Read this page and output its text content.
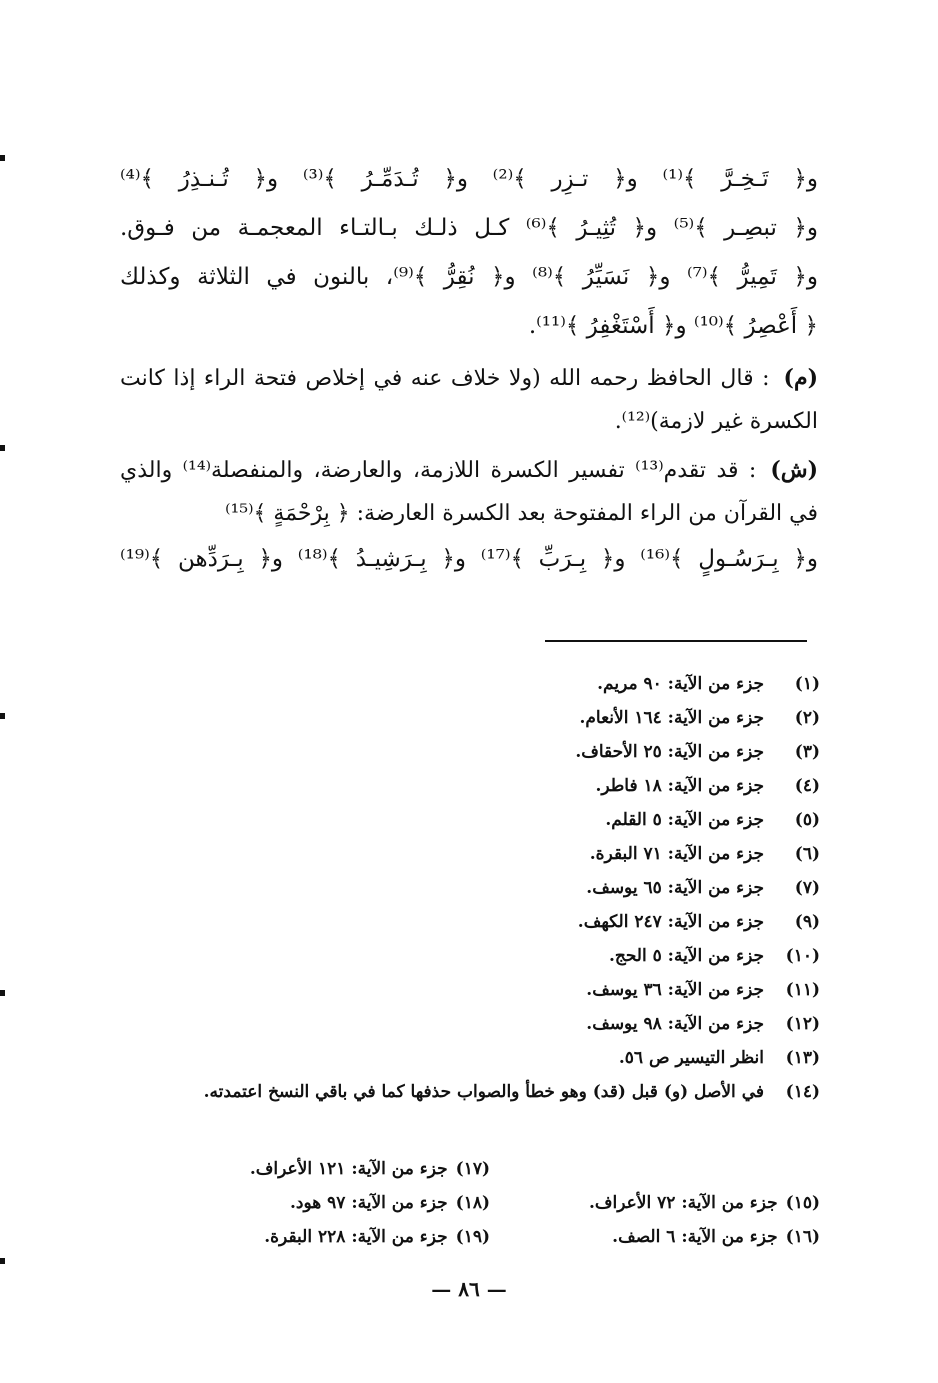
و﴿ تَـخِـرَّ ﴾⁽¹⁾ و﴿ تـزِر ﴾⁽²⁾ و﴿ تُـدَمِّـرُ ﴾⁽³⁾ و﴿ تُـنـذِرُ ﴾⁽⁴⁾
و﴿ تبصِـر ﴾⁽⁵⁾ و﴿ تُثِيـرُ ﴾⁽⁶⁾ كـل ذلـك بـالتـاء المعجمـة من فـوق.
و﴿ تَمِيرُّ ﴾⁽⁷⁾ و﴿ نَسَيِّرُ ﴾⁽⁸⁾ و﴿ نُقِرُّ ﴾⁽⁹⁾، بالنون في الثلاثة وكذلك
﴿ أَعْصِرُ ﴾⁽¹⁰⁾ و﴿ أَسْتَغْفِرُ ﴾⁽¹¹⁾.
(م): قال الحافظ رحمه الله (ولا خلاف عنه في إخلاص فتحة الراء إذا كانت الكسرة غير لازمة)⁽¹²⁾.
(ش): قد تقدم⁽¹³⁾ تفسير الكسرة اللازمة، والعارضة، والمنفصلة⁽¹⁴⁾ والذي في القرآن من الراء المفتوحة بعد الكسرة العارضة: ﴿ بِرْحْمَةٍ ﴾⁽¹⁵⁾
و﴿ بِـرَسُـولٍ ﴾⁽¹⁶⁾ و﴿ بِـرَبِّ ﴾⁽¹⁷⁾ و﴿ بِـرَشِيـدُ ﴾⁽¹⁸⁾ و﴿ بِـرَدِّهن ﴾⁽¹⁹⁾
(١)
جزء من الآية: ٩٠ مريم.
(٢)
جزء من الآية: ١٦٤ الأنعام.
(٣)
جزء من الآية: ٢٥ الأحقاف.
(٤)
جزء من الآية: ١٨ فاطر.
(٥)
جزء من الآية: ٥ القلم.
(٦)
جزء من الآية: ٧١ البقرة.
(٧)
جزء من الآية: ٦٥ يوسف.
(٩)
جزء من الآية: ٢٤٧ الكهف.
(١٠)
جزء من الآية: ٥ الحج.
(١١)
جزء من الآية: ٣٦ يوسف.
(١٢)
جزء من الآية: ٩٨ يوسف.
(١٣)
انظر التيسير ص ٥٦.
(١٤)
في الأصل (و) قبل (قد) وهو خطأ والصواب حذفها كما في باقي النسخ اعتمدته.
(١٥)جزء من الآية: ٧٢ الأعراف.
(١٦)جزء من الآية: ٦ الصف.
(١٧)جزء من الآية: ١٢١ الأعراف.
(١٨)جزء من الآية: ٩٧ هود.
(١٩)جزء من الآية: ٢٢٨ البقرة.
— ٨٦ —
